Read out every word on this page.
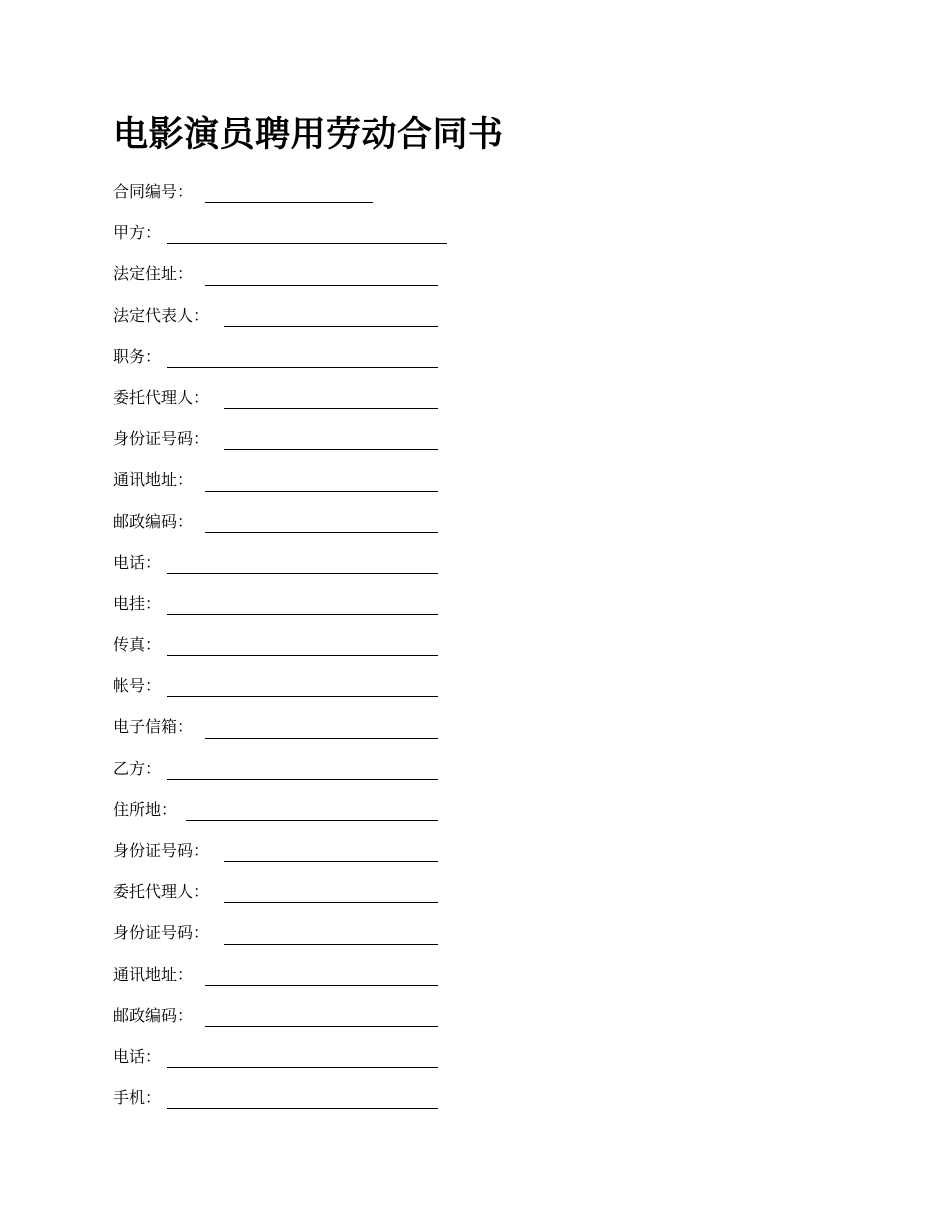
电影演员聘用劳动合同书
合同编号：
甲方：
法定住址：
法定代表人：
职务：
委托代理人：
身份证号码：
通讯地址：
邮政编码：
电话：
电挂：
传真：
帐号：
电子信箱：
乙方：
住所地：
身份证号码：
委托代理人：
身份证号码：
通讯地址：
邮政编码：
电话：
手机：
